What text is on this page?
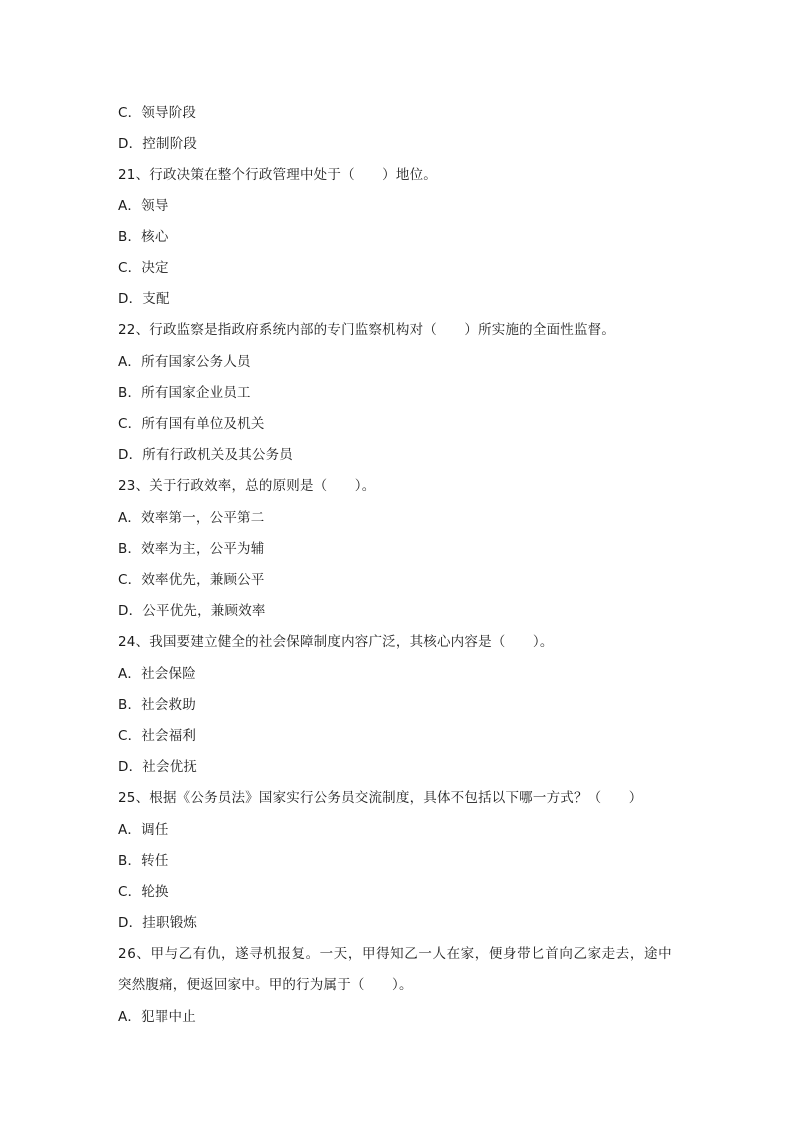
C．领导阶段
D．控制阶段
21、行政决策在整个行政管理中处于（　　）地位。
A．领导
B．核心
C．决定
D．支配
22、行政监察是指政府系统内部的专门监察机构对（　　）所实施的全面性监督。
A．所有国家公务人员
B．所有国家企业员工
C．所有国有单位及机关
D．所有行政机关及其公务员
23、关于行政效率，总的原则是（　　）。
A．效率第一，公平第二
B．效率为主，公平为辅
C．效率优先，兼顾公平
D．公平优先，兼顾效率
24、我国要建立健全的社会保障制度内容广泛，其核心内容是（　　）。
A．社会保险
B．社会救助
C．社会福利
D．社会优抚
25、根据《公务员法》国家实行公务员交流制度，具体不包括以下哪一方式？（　　）
A．调任
B．转任
C．轮换
D．挂职锻炼
26、甲与乙有仇，遂寻机报复。一天，甲得知乙一人在家，便身带匕首向乙家走去，途中
突然腹痛，便返回家中。甲的行为属于（　　）。
A．犯罪中止
